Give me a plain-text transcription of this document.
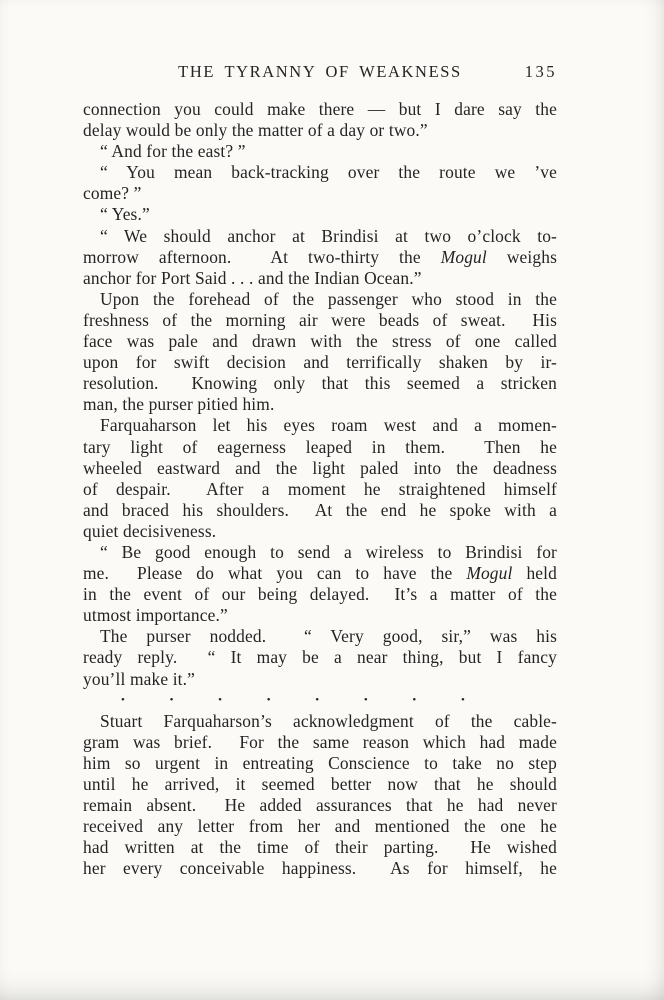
THE TYRANNY OF WEAKNESS	135
connection you could make there — but I dare say the
delay would be only the matter of a day or two.”
“ And for the east? ”
“ You mean back-tracking over the route we ’ve
come? ”
“ Yes.”
“ We should anchor at Brindisi at two o’clock to-
morrow afternoon.  At two-thirty the Mogul weighs
anchor for Port Said . . . and the Indian Ocean.”
Upon the forehead of the passenger who stood in the
freshness of the morning air were beads of sweat.  His
face was pale and drawn with the stress of one called
upon for swift decision and terrifically shaken by ir-
resolution.  Knowing only that this seemed a stricken
man, the purser pitied him.
Farquaharson let his eyes roam west and a momen-
tary light of eagerness leaped in them.  Then he
wheeled eastward and the light paled into the deadness
of despair.  After a moment he straightened himself
and braced his shoulders.  At the end he spoke with a
quiet decisiveness.
“ Be good enough to send a wireless to Brindisi for
me.  Please do what you can to have the Mogul held
in the event of our being delayed.  It’s a matter of the
utmost importance.”
The purser nodded.  “ Very good, sir,” was his
ready reply.  “ It may be a near thing, but I fancy
you’ll make it.”
•	•	•	•	•	•	•	•
Stuart Farquaharson’s acknowledgment of the cable-
gram was brief.  For the same reason which had made
him so urgent in entreating Conscience to take no step
until he arrived, it seemed better now that he should
remain absent.  He added assurances that he had never
received any letter from her and mentioned the one he
had written at the time of their parting.  He wished
her every conceivable happiness.  As for himself, he
